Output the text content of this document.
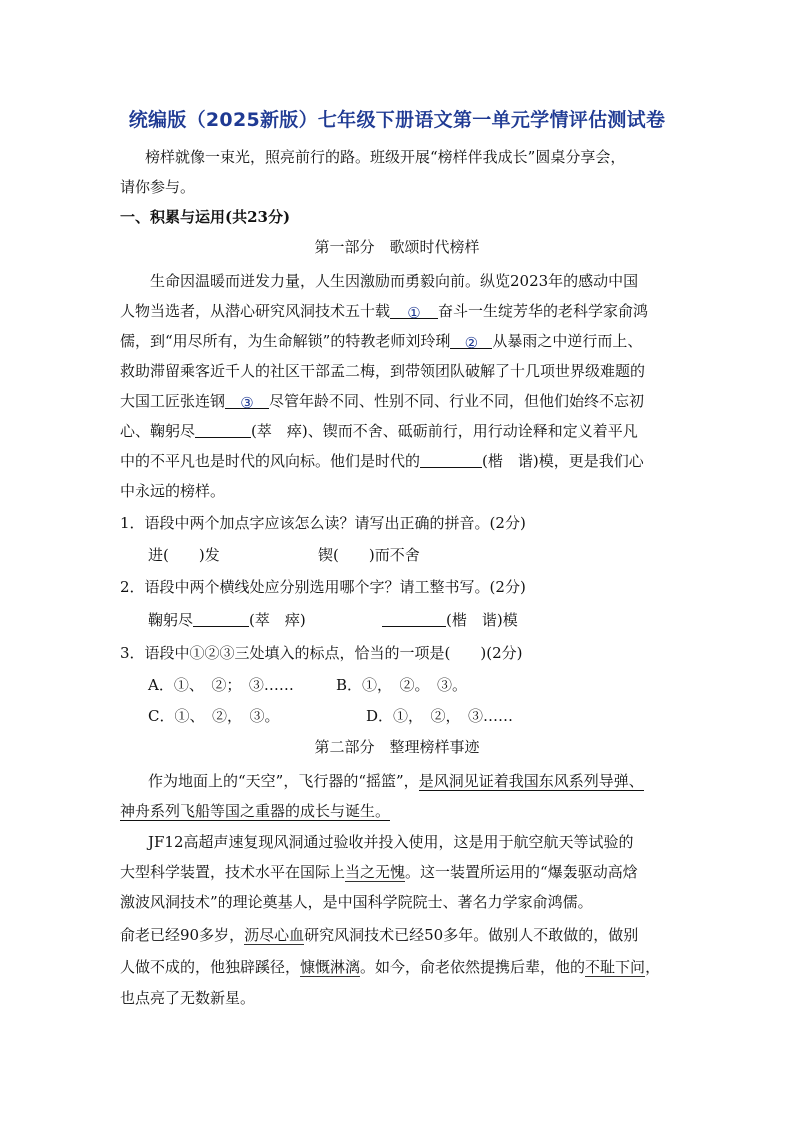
统编版（2025新版）七年级下册语文第一单元学情评估测试卷
榜样就像一束光，照亮前行的路。班级开展“榜样伴我成长”圆桌分享会，
请你参与。
一、积累与运用(共23分)
第一部分　歌颂时代榜样
生命因温暖而迸发力量，人生因激励而勇毅向前。纵览2023年的感动中国
人物当选者，从潜心研究风洞技术五十载 ① 奋斗一生绽芳华的老科学家俞鸿
儒，到“用尽所有，为生命解锁”的特教老师刘玲琍 ② 从暴雨之中逆行而上、
救助滞留乘客近千人的社区干部孟二梅，到带领团队破解了十几项世界级难题的
大国工匠张连钢 ③ 尽管年龄不同、性别不同、行业不同，但他们始终不忘初
心、鞠躬尽	(萃　瘁)、锲而不舍、砥砺前行，用行动诠释和定义着平凡
中的不平凡也是时代的风向标。他们是时代的	(楷　谐)模，更是我们心
中永远的榜样。
1．语段中两个加点字应该怎么读？请写出正确的拼音。(2分)
进(　　)发	锲(　　)而不舍
2．语段中两个横线处应分别选用哪个字？请工整书写。(2分)
鞠躬尽	(萃　瘁)	(楷　谐)模
3．语段中①②③三处填入的标点，恰当的一项是(　　)(2分)
A．①、　②；　③……	B．①，　②。　③。
C．①、　②，　③。	D．①，　②，　③……
第二部分　整理榜样事迹
作为地面上的“天空”，飞行器的“摇篮”，是风洞见证着我国东风系列导弹、
神舟系列飞船等国之重器的成长与诞生。
JF12高超声速复现风洞通过验收并投入使用，这是用于航空航天等试验的
大型科学装置，技术水平在国际上当之无愧。这一装置所运用的“爆轰驱动高焓
激波风洞技术”的理论奠基人，是中国科学院院士、著名力学家俞鸿儒。
俞老已经90多岁，沥尽心血研究风洞技术已经50多年。做别人不敢做的，做别
人做不成的，他独辟蹊径，慷慨淋漓。如今，俞老依然提携后辈，他的不耻下问，
也点亮了无数新星。
